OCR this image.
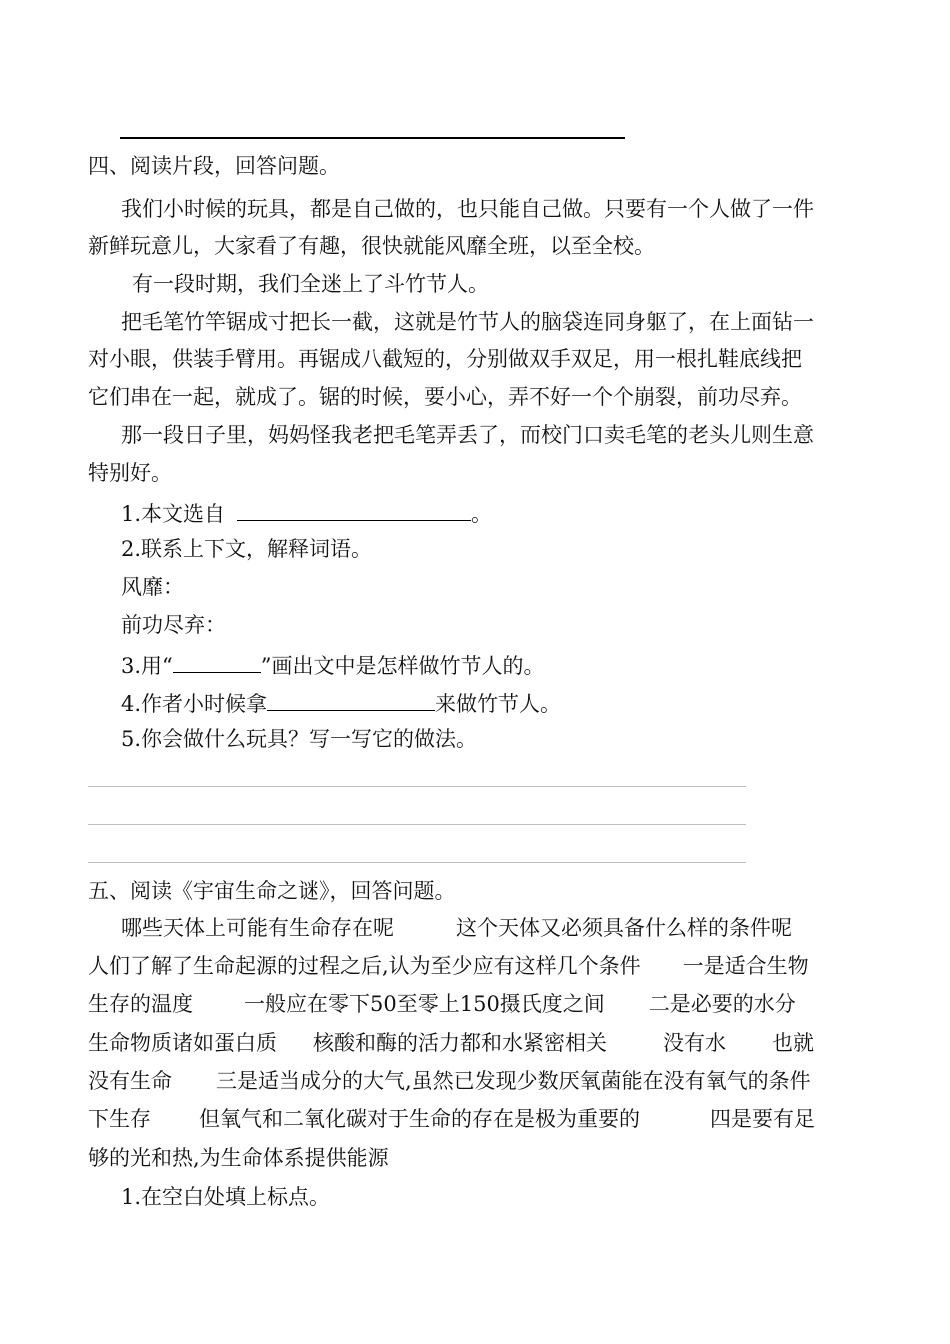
四、阅读片段，回答问题。
我们小时候的玩具，都是自己做的，也只能自己做。只要有一个人做了一件
新鲜玩意儿，大家看了有趣，很快就能风靡全班，以至全校。
有一段时期，我们全迷上了斗竹节人。
把毛笔竹竿锯成寸把长一截，这就是竹节人的脑袋连同身躯了，在上面钻一
对小眼，供装手臂用。再锯成八截短的，分别做双手双足，用一根扎鞋底线把
它们串在一起，就成了。锯的时候，要小心，弄不好一个个崩裂，前功尽弃。
那一段日子里，妈妈怪我老把毛笔弄丢了，而校门口卖毛笔的老头儿则生意
特别好。
1.本文选自	。
2.联系上下文，解释词语。
风靡：
前功尽弃：
3.用“	”画出文中是怎样做竹节人的。
4.作者小时候拿	来做竹节人。
5.你会做什么玩具？写一写它的做法。
五、阅读《宇宙生命之谜》，回答问题。
哪些天体上可能有生命存在呢	这个天体又必须具备什么样的条件呢
人们了解了生命起源的过程之后,认为至少应有这样几个条件 一是适合生物
生存的温度 一般应在零下50至零上150摄氏度之间 二是必要的水分
生命物质诸如蛋白质 核酸和酶的活力都和水紧密相关	没有水 也就
没有生命 三是适当成分的大气,虽然已发现少数厌氧菌能在没有氧气的条件
下生存 但氧气和二氧化碳对于生命的存在是极为重要的	四是要有足
够的光和热,为生命体系提供能源
1.在空白处填上标点。
